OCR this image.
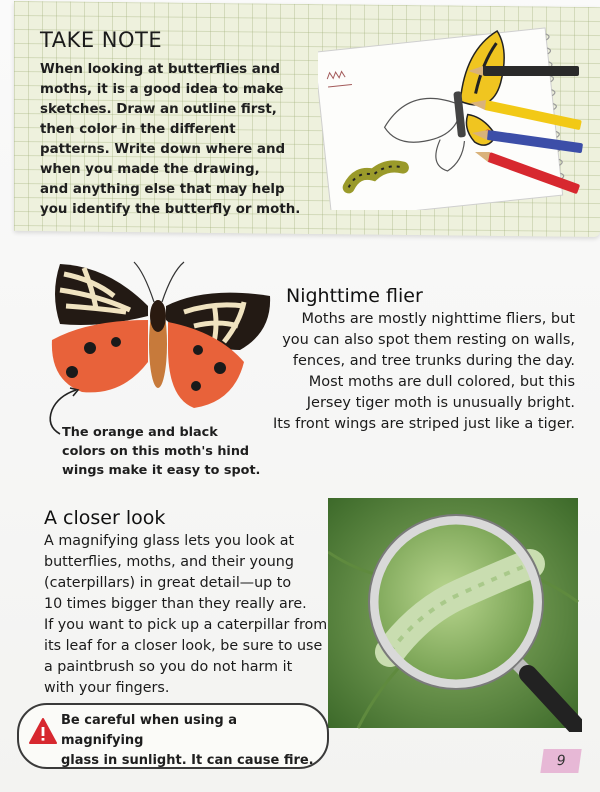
TAKE NOTE
When looking at butterflies and
moths, it is a good idea to make
sketches. Draw an outline first,
then color in the different
patterns. Write down where and
when you made the drawing,
and anything else that may help
you identify the butterfly or moth.
Nighttime flier
Moths are mostly nighttime fliers, but
you can also spot them resting on walls,
fences, and tree trunks during the day.
Most moths are dull colored, but this
Jersey tiger moth is unusually bright.
Its front wings are striped just like a tiger.
The orange and black
colors on this moth's hind
wings make it easy to spot.
A closer look
A magnifying glass lets you look at
butterflies, moths, and their young
(caterpillars) in great detail—up to
10 times bigger than they really are.
If you want to pick up a caterpillar from
its leaf for a closer look, be sure to use
a paintbrush so you do not harm it
with your fingers.
Be careful when using a magnifying
glass in sunlight. It can cause fire.	9
